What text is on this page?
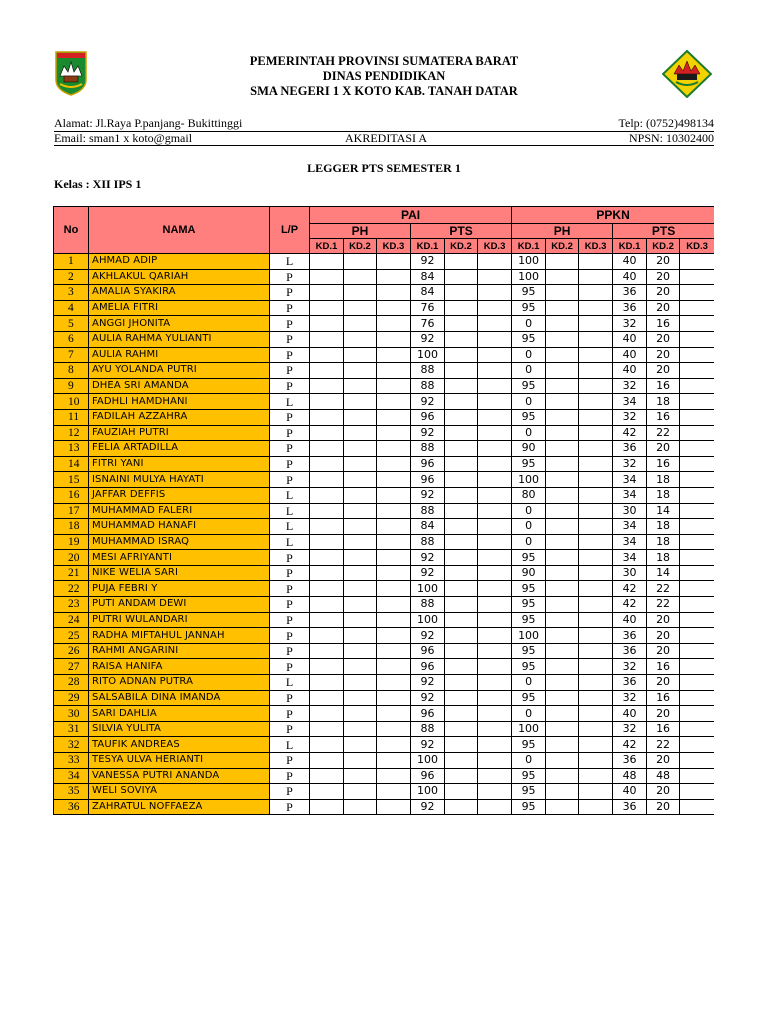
PEMERINTAH PROVINSI SUMATERA BARAT
DINAS PENDIDIKAN
SMA NEGERI 1 X KOTO KAB. TANAH DATAR
Alamat: Jl.Raya P.panjang- Bukittinggi	Telp: (0752)498134
Email: sman1 x koto@gmail	AKREDITASI A	NPSN: 10302400
LEGGER PTS SEMESTER 1
Kelas : XII IPS 1
No	NAMA	L/P	PAI						PPKN					
			PH			PTS			PH			PTS		
			KD.1	KD.2	KD.3	KD.1	KD.2	KD.3	KD.1	KD.2	KD.3	KD.1	KD.2	KD.3
1	AHMAD ADIP	L				92			100			40	20	
2	AKHLAKUL QARIAH	P				84			100			40	20	
3	AMALIA SYAKIRA	P				84			95			36	20	
4	AMELIA FITRI	P				76			95			36	20	
5	ANGGI JHONITA	P				76			0			32	16	
6	AULIA RAHMA YULIANTI	P				92			95			40	20	
7	AULIA RAHMI	P				100			0			40	20	
8	AYU YOLANDA PUTRI	P				88			0			40	20	
9	DHEA SRI AMANDA	P				88			95			32	16	
10	FADHLI HAMDHANI	L				92			0			34	18	
11	FADILAH AZZAHRA	P				96			95			32	16	
12	FAUZIAH PUTRI	P				92			0			42	22	
13	FELIA ARTADILLA	P				88			90			36	20	
14	FITRI YANI	P				96			95			32	16	
15	ISNAINI MULYA HAYATI	P				96			100			34	18	
16	JAFFAR DEFFIS	L				92			80			34	18	
17	MUHAMMAD FALERI	L				88			0			30	14	
18	MUHAMMAD HANAFI	L				84			0			34	18	
19	MUHAMMAD ISRAQ	L				88			0			34	18	
20	MESI AFRIYANTI	P				92			95			34	18	
21	NIKE WELIA SARI	P				92			90			30	14	
22	PUJA FEBRI Y	P				100			95			42	22	
23	PUTI ANDAM DEWI	P				88			95			42	22	
24	PUTRI WULANDARI	P				100			95			40	20	
25	RADHA MIFTAHUL JANNAH	P				92			100			36	20	
26	RAHMI ANGARINI	P				96			95			36	20	
27	RAISA HANIFA	P				96			95			32	16	
28	RITO ADNAN PUTRA	L				92			0			36	20	
29	SALSABILA DINA IMANDA	P				92			95			32	16	
30	SARI DAHLIA	P				96			0			40	20	
31	SILVIA YULITA	P				88			100			32	16	
32	TAUFIK ANDREAS	L				92			95			42	22	
33	TESYA ULVA HERIANTI	P				100			0			36	20	
34	VANESSA PUTRI ANANDA	P				96			95			48	48	
35	WELI SOVIYA	P				100			95			40	20	
36	ZAHRATUL NOFFAEZA	P				92			95			36	20	
